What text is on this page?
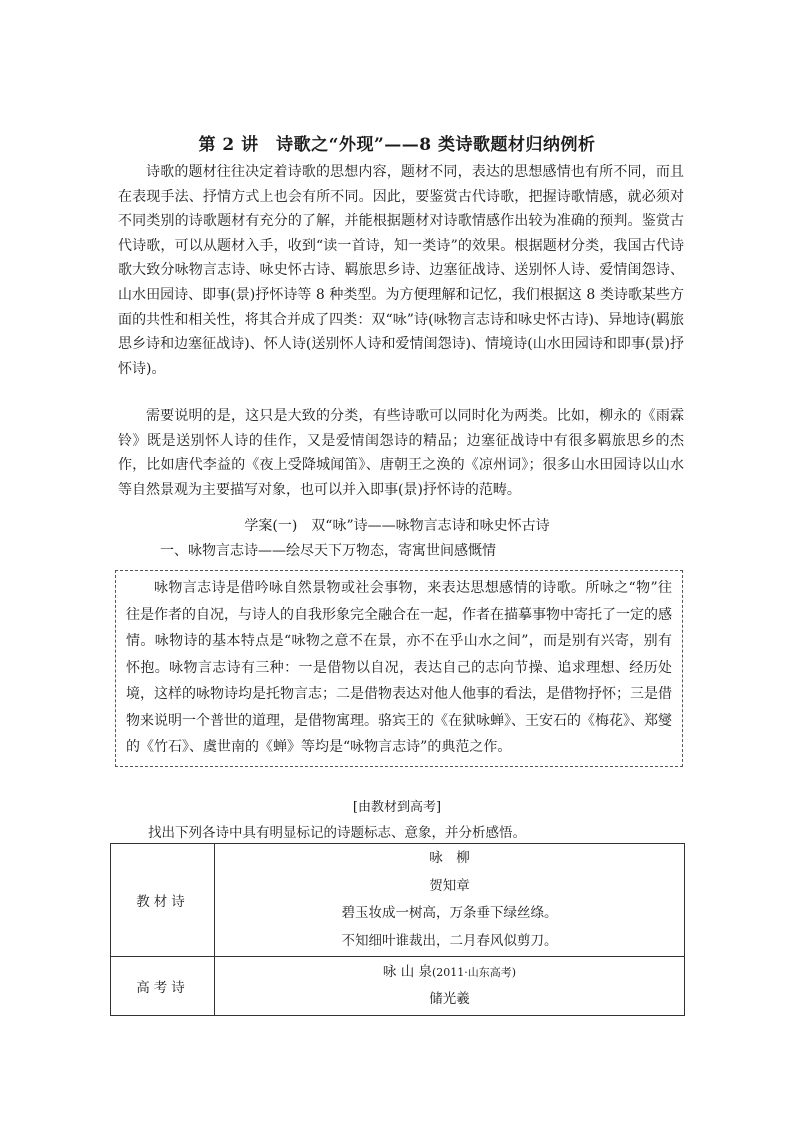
第 2 讲　诗歌之“外现”——8 类诗歌题材归纳例析

诗歌的题材往往决定着诗歌的思想内容，题材不同，表达的思想感情也有所不同，而且在表现手法、抒情方式上也会有所不同。因此，要鉴赏古代诗歌，把握诗歌情感，就必须对不同类别的诗歌题材有充分的了解，并能根据题材对诗歌情感作出较为准确的预判。鉴赏古代诗歌，可以从题材入手，收到“读一首诗，知一类诗”的效果。根据题材分类，我国古代诗歌大致分咏物言志诗、咏史怀古诗、羁旅思乡诗、边塞征战诗、送别怀人诗、爱情闺怨诗、山水田园诗、即事(景)抒怀诗等 8 种类型。为方便理解和记忆，我们根据这 8 类诗歌某些方面的共性和相关性，将其合并成了四类：双“咏”诗(咏物言志诗和咏史怀古诗)、异地诗(羁旅思乡诗和边塞征战诗)、怀人诗(送别怀人诗和爱情闺怨诗)、情境诗(山水田园诗和即事(景)抒怀诗)。

需要说明的是，这只是大致的分类，有些诗歌可以同时化为两类。比如，柳永的《雨霖铃》既是送别怀人诗的佳作，又是爱情闺怨诗的精品；边塞征战诗中有很多羁旅思乡的杰作，比如唐代李益的《夜上受降城闻笛》、唐朝王之涣的《凉州词》；很多山水田园诗以山水等自然景观为主要描写对象，也可以并入即事(景)抒怀诗的范畴。

学案(一)　双“咏”诗——咏物言志诗和咏史怀古诗
一、咏物言志诗——绘尽天下万物态，寄寓世间感慨情

咏物言志诗是借吟咏自然景物或社会事物，来表达思想感情的诗歌。所咏之“物”往往是作者的自况，与诗人的自我形象完全融合在一起，作者在描摹事物中寄托了一定的感情。咏物诗的基本特点是“咏物之意不在景，亦不在乎山水之间”，而是别有兴寄，别有怀抱。咏物言志诗有三种：一是借物以自况，表达自己的志向节操、追求理想、经历处境，这样的咏物诗均是托物言志；二是借物表达对他人他事的看法，是借物抒怀；三是借物来说明一个普世的道理，是借物寓理。骆宾王的《在狱咏蝉》、王安石的《梅花》、郑燮的《竹石》、虞世南的《蝉》等均是“咏物言志诗”的典范之作。

[由教材到高考]
找出下列各诗中具有明显标记的诗题标志、意象，并分析感悟。
教材诗	咏　柳
贺知章
碧玉妆成一树高，万条垂下绿丝绦。
不知细叶谁裁出，二月春风似剪刀。

高考诗	咏 山 泉(2011·山东高考)
储光羲
